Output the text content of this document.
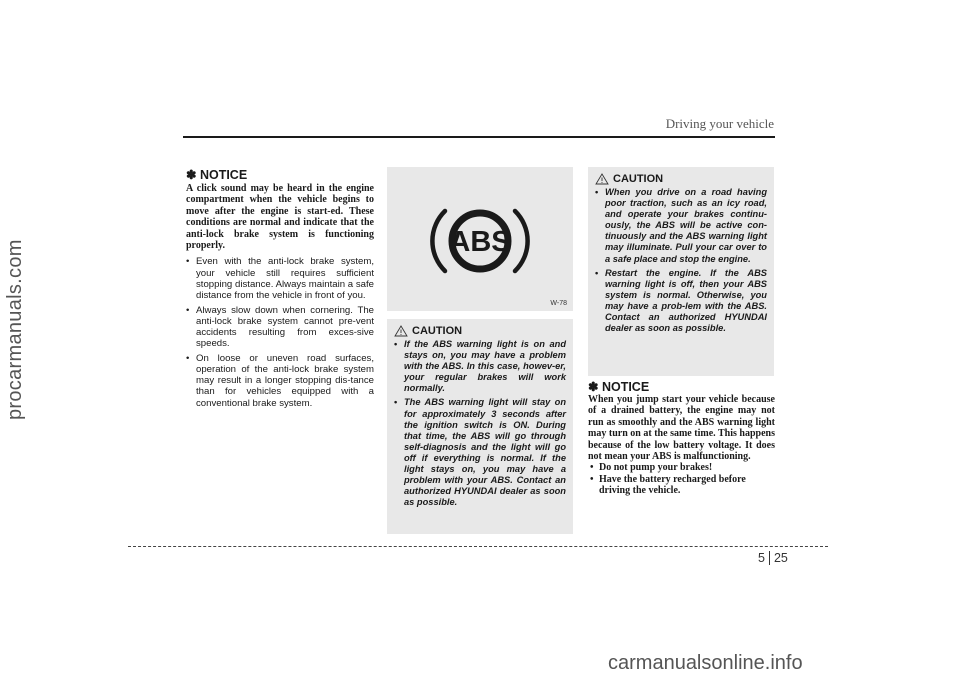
procarmanuals.com
carmanualsonline.info
Driving your vehicle

✽ NOTICE

A click sound may be heard in the engine compartment when the vehicle begins to move after the engine is start-ed. These conditions are normal and indicate that the anti-lock brake system is functioning properly.

• Even with the anti-lock brake system, your vehicle still requires sufficient stopping distance. Always maintain a safe distance from the vehicle in front of you.
• Always slow down when cornering. The anti-lock brake system cannot pre-vent accidents resulting from exces-sive speeds.
• On loose or uneven road surfaces, operation of the anti-lock brake system may result in a longer stopping dis-tance than for vehicles equipped with a conventional brake system.
ABS
W-78
CAUTION
• If the ABS warning light is on and stays on, you may have a problem with the ABS. In this case, howev-er, your regular brakes will work normally.
• The ABS warning light will stay on for approximately 3 seconds after the ignition switch is ON. During that time, the ABS will go through self-diagnosis and the light will go off if everything is normal. If the light stays on, you may have a problem with your ABS. Contact an authorized HYUNDAI dealer as soon as possible.
CAUTION
• When you drive on a road having poor traction, such as an icy road, and operate your brakes continu-ously, the ABS will be active con-tinuously and the ABS warning light may illuminate. Pull your car over to a safe place and stop the engine.
• Restart the engine. If the ABS warning light is off, then your ABS system is normal. Otherwise, you may have a prob-lem with the ABS. Contact an authorized HYUNDAI dealer as soon as possible.

✽ NOTICE

When you jump start your vehicle because of a drained battery, the engine may not run as smoothly and the ABS warning light may turn on at the same time. This happens because of the low battery voltage. It does not mean your ABS is malfunctioning.

• Do not pump your brakes!
• Have the battery recharged before driving the vehicle.
5 25
